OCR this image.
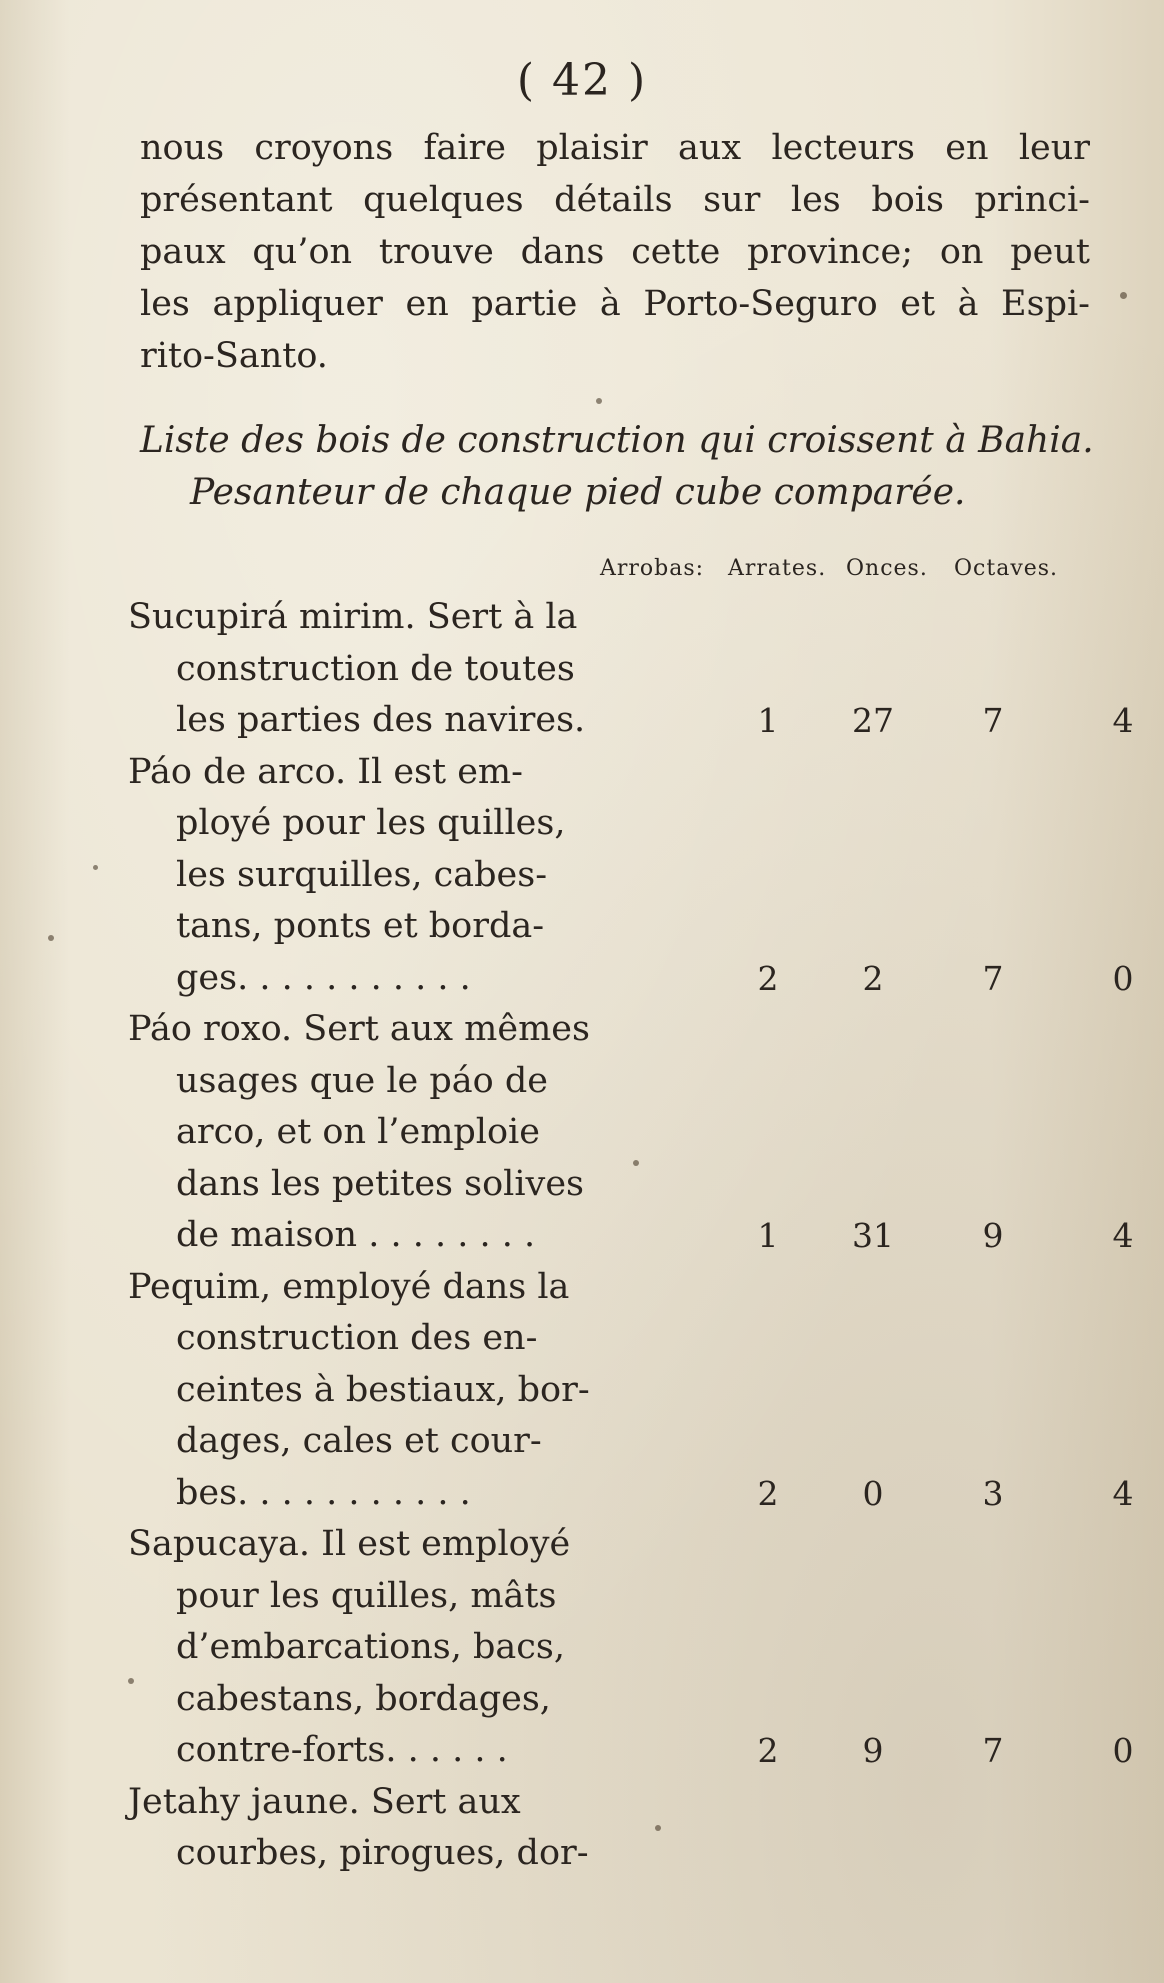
( 42 )
nous croyons faire plaisir aux lecteurs en leur
présentant quelques détails sur les bois princi-
paux qu’on trouve dans cette province; on peut
les appliquer en partie à Porto-Seguro et à Espi-
rito-Santo.
Liste des bois de construction qui croissent à Bahia.
Pesanteur de chaque pied cube comparée.
Arrobas: Arrates. Onces. Octaves.
Sucupirá mirim. Sert à la
construction de toutes
les parties des navires.	1	27	7	4
Páo de arco. Il est em-
ployé pour les quilles,
les surquilles, cabes-
tans, ponts et borda-
ges. . . . . . . . . . .	2	2	7	0
Páo roxo. Sert aux mêmes
usages que le páo de
arco, et on l’emploie
dans les petites solives
de maison . . . . . . . .	1	31	9	4
Pequim, employé dans la
construction des en-
ceintes à bestiaux, bor-
dages, cales et cour-
bes. . . . . . . . . . .	2	0	3	4
Sapucaya. Il est employé
pour les quilles, mâts
d’embarcations, bacs,
cabestans, bordages,
contre-forts. . . . . .	2	9	7	0
Jetahy jaune. Sert aux
courbes, pirogues, dor-
